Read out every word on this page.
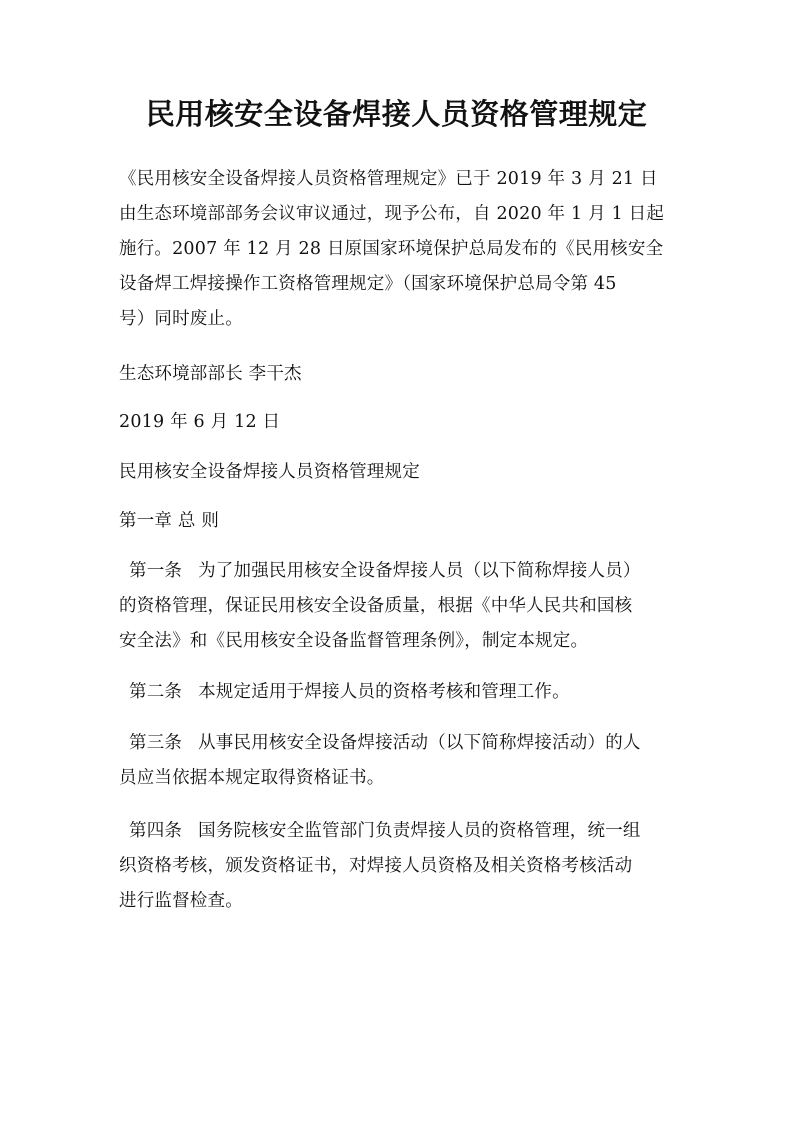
民用核安全设备焊接人员资格管理规定

《民用核安全设备焊接人员资格管理规定》已于 2019 年 3 月 21 日
由生态环境部部务会议审议通过，现予公布，自 2020 年 1 月 1 日起
施行。2007 年 12 月 28 日原国家环境保护总局发布的《民用核安全
设备焊工焊接操作工资格管理规定》（国家环境保护总局令第 45
号）同时废止。

生态环境部部长 李干杰

2019 年 6 月 12 日

民用核安全设备焊接人员资格管理规定

第一章 总 则

第一条 为了加强民用核安全设备焊接人员（以下简称焊接人员）
的资格管理，保证民用核安全设备质量，根据《中华人民共和国核
安全法》和《民用核安全设备监督管理条例》，制定本规定。

第二条 本规定适用于焊接人员的资格考核和管理工作。

第三条 从事民用核安全设备焊接活动（以下简称焊接活动）的人
员应当依据本规定取得资格证书。

第四条 国务院核安全监管部门负责焊接人员的资格管理，统一组
织资格考核，颁发资格证书，对焊接人员资格及相关资格考核活动
进行监督检查。
